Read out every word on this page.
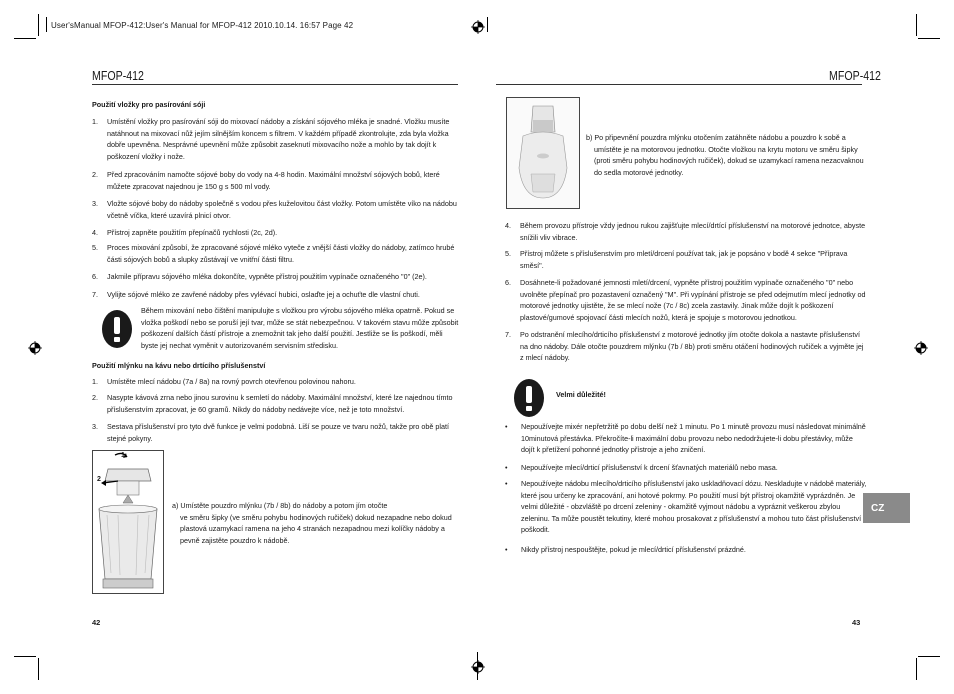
User'sManual MFOP-412:User's Manual for MFOP-412 2010.10.14. 16:57 Page 42
MFOP-412
Použití vložky pro pasírování sóji
1. Umístění vložky pro pasírování sóji do mixovací nádoby a získání sójového mléka je snadné. Vložku musíte
natáhnout na mixovací nůž jejím silnějším koncem s filtrem. V každém případě zkontrolujte, zda byla vložka
dobře upevněna. Nesprávné upevnění může způsobit zaseknutí mixovacího nože a mohlo by tak dojít k
poškození vložky i nože.
2. Před zpracováním namočte sójové boby do vody na 4-8 hodin. Maximální množství sójových bobů, které
můžete zpracovat najednou je 150 g s 500 ml vody.
3. Vložte sójové boby do nádoby společně s vodou přes kuželovitou část vložky. Potom umístěte víko na nádobu
včetně víčka, které uzavírá plnicí otvor.
4. Přístroj zapněte použitím přepínačů rychlosti (2c, 2d).
5. Proces mixování způsobí, že zpracované sójové mléko vyteče z vnější části vložky do nádoby, zatímco hrubé
části sójových bobů a slupky zůstávají ve vnitřní části filtru.
6. Jakmile přípravu sójového mléka dokončíte, vypněte přístroj použitím vypínače označeného "0" (2e).
7. Vylijte sójové mléko ze zavřené nádoby přes vylévací hubici, oslaďte jej a ochuťte dle vlastní chuti.
Během mixování nebo čištění manipulujte s vložkou pro výrobu sójového mléka opatrně. Pokud se
vložka poškodí nebo se poruší její tvar, může se stát nebezpečnou. V takovém stavu může způsobit
poškození dalších částí přístroje a znemožnit tak jeho další použití. Jestliže se lis poškodí, měli
byste jej nechat vyměnit v autorizovaném servisním středisku.
Použití mlýnku na kávu nebo drtícího příslušenství
1. Umístěte mlecí nádobu (7a / 8a) na rovný povrch otevřenou polovinou nahoru.
2. Nasypte kávová zrna nebo jinou surovinu k semletí do nádoby. Maximální množství, které lze najednou tímto
příslušenstvím zpracovat, je 60 gramů. Nikdy do nádoby nedávejte více, než je toto množství.
3. Sestava příslušenství pro tyto dvě funkce je velmi podobná. Liší se pouze ve tvaru nožů, takže pro obě platí
stejné pokyny.
1
2
a) Umístěte pouzdro mlýnku (7b / 8b) do nádoby a potom jím otočte
ve směru šipky (ve směru pohybu hodinových ručiček) dokud nezapadne nebo dokud
plastová uzamykací ramena na jeho 4 stranách nezapadnou mezi kolíčky nádoby a
pevně zajistěte pouzdro k nádobě.
42
MFOP-412
b) Po připevnění pouzdra mlýnku otočením zatáhněte nádobu a pouzdro k sobě a
umístěte je na motorovou jednotku. Otočte vložkou na krytu motoru ve směru šipky
(proti směru pohybu hodinových ručiček), dokud se uzamykací ramena nezacvaknou
do sedla motorové jednotky.
4. Během provozu přístroje vždy jednou rukou zajišťujte mlecí/drtící příslušenství na motorové jednotce, abyste
snížili vliv vibrace.
5. Přístroj můžete s příslušenstvím pro mletí/drcení používat tak, jak je popsáno v bodě 4 sekce "Příprava
směsí".
6. Dosáhnete-li požadované jemnosti mletí/drcení, vypněte přístroj použitím vypínače označeného "0" nebo
uvolněte přepínač pro pozastavení označený "M". Při vypínání přístroje se před odejmutím mlecí jednotky od
motorové jednotky ujistěte, že se mlecí nože (7c / 8c) zcela zastavily. Jinak může dojít k poškození
plastové/gumové spojovací části mlecích nožů, která je spojuje s motorovou jednotkou.
7. Po odstranění mlecího/drticího příslušenství z motorové jednotky jím otočte dokola a nastavte příslušenství
na dno nádoby. Dále otočte pouzdrem mlýnku (7b / 8b) proti směru otáčení hodinových ručiček a vyjměte jej
z mlecí nádoby.
Velmi důležité!
• Nepoužívejte mixér nepřetržitě po dobu delší než 1 minutu. Po 1 minutě provozu musí následovat minimálně
10minutová přestávka. Překročíte-li maximální dobu provozu nebo nedodržujete-li dobu přestávky, může
dojít k přetížení pohonné jednotky přístroje a jeho zničení.
• Nepoužívejte mlecí/drticí příslušenství k drcení šťavnatých materiálů nebo masa.
• Nepoužívejte nádobu mlecího/drticího příslušenství jako uskladňovací dózu. Neskladujte v nádobě materiály,
které jsou určeny ke zpracování, ani hotové pokrmy. Po použití musí být přístroj okamžitě vyprázdněn. Je
velmi důležité - obzvláště po drcení zeleniny - okamžitě vyjmout nádobu a vypráznit veškerou zbylou
zeleninu. Ta může poustět tekutiny, které mohou prosakovat z příslušenství a mohou tuto část příslušenství
poškodit.
• Nikdy přístroj nespouštějte, pokud je mlecí/drticí příslušenství prázdné.
CZ
43
